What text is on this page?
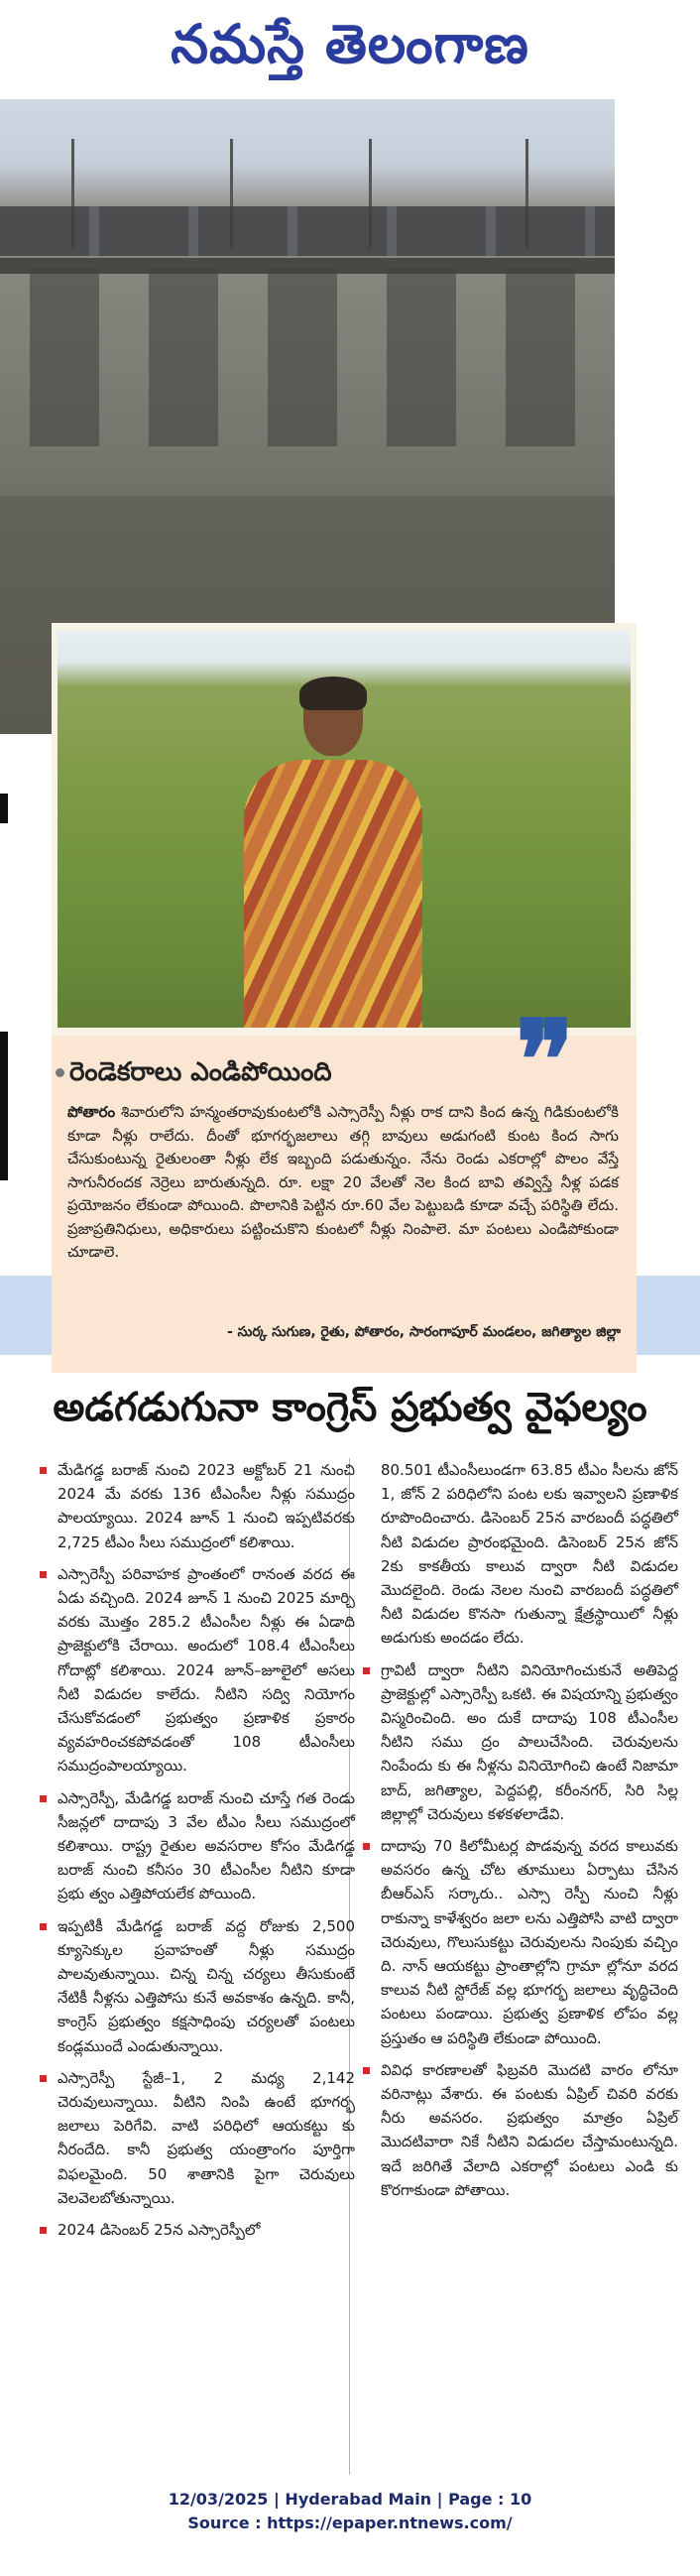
నమస్తే తెలంగాణ
❞
రెండెకరాలు ఎండిపోయింది
పోతారం శివారులోని హన్మంతరావుకుంటలోకి ఎస్సారెస్పీ నీళ్లు రాక దాని కింద ఉన్న గిడికుంటలోకి కూడా నీళ్లు రాలేదు. దీంతో భూగర్భజలాలు తగ్గి బావులు అడుగంటి కుంట కింద సాగు చేసుకుంటున్న రైతులంతా నీళ్లు లేక ఇబ్బంది పడుతున్నం. నేను రెండు ఎకరాల్లో పొలం వేస్తే సాగునీరందక నెర్రెలు బారుతున్నది. రూ. లక్షా 20 వేలతో నెల కింద బావి తవ్విస్తే నీళ్ల పడక ప్రయోజనం లేకుండా పోయింది. పొలానికి పెట్టిన రూ.60 వేల పెట్టుబడి కూడా వచ్చే పరిస్థితి లేదు. ప్రజాప్రతినిధులు, అధికారులు పట్టించుకొని కుంటలో నీళ్లు నింపాలె. మా పంటలు ఎండిపోకుండా చూడాలె.
- సుర్క సుగుణ, రైతు, పోతారం, సారంగాపూర్ మండలం, జగిత్యాల జిల్లా
అడగడుగునా కాంగ్రెస్ ప్రభుత్వ వైఫల్యం

మేడిగడ్డ బరాజ్ నుంచి 2023 అక్టోబర్ 21 నుంచి 2024 మే వరకు 136 టీఎంసీల నీళ్లు సముద్రం పాలయ్యాయి. 2024 జూన్ 1 నుంచి ఇప్పటివరకు 2,725 టీఎం సీలు సముద్రంలో కలిశాయి.

ఎస్సారెస్పీ పరివాహక ప్రాంతంలో రానంత వరద ఈ ఏడు వచ్చింది. 2024 జూన్ 1 నుంచి 2025 మార్చి వరకు మొత్తం 285.2 టీఎంసీల నీళ్లు ఈ ఏడాది ప్రాజెక్టులోకి చేరాయి. అందులో 108.4 టీఎంసీలు గోదాట్లో కలిశాయి. 2024 జూన్–జూలైలో అసలు నీటి విడుదల కాలేదు. నీటిని సద్వి నియోగం చేసుకోవడంలో ప్రభుత్వం ప్రణాళిక ప్రకారం వ్యవహరించకపోవడంతో 108 టీఎంసీలు సముద్రంపాలయ్యాయి.

ఎస్సారెస్పీ, మేడిగడ్డ బరాజ్ నుంచి చూస్తే గత రెండు సీజన్లలో దాదాపు 3 వేల టీఎం సీలు సముద్రంలో కలిశాయి. రాష్ట్ర రైతుల అవసరాల కోసం మేడిగడ్డ బరాజ్ నుంచి కనీసం 30 టీఎంసీల నీటిని కూడా ప్రభు త్వం ఎత్తిపోయలేక పోయింది.

ఇప్పటికీ మేడిగడ్డ బరాజ్ వద్ద రోజుకు 2,500 క్యూసెక్కుల ప్రవాహంతో నీళ్లు సముద్రం పాలవుతున్నాయి. చిన్న చిన్న చర్యలు తీసుకుంటే నేటికీ నీళ్లను ఎత్తిపోసు కునే అవకాశం ఉన్నది. కానీ, కాంగ్రెస్ ప్రభుత్వం కక్షసాధింపు చర్యలతో పంటలు కండ్లముందే ఎండుతున్నాయి.

ఎస్సారెస్పీ స్టేజీ–1, 2 మధ్య 2,142 చెరువులున్నాయి. వీటిని నింపి ఉంటే భూగర్భ జలాలు పెరిగేవి. వాటి పరిధిలో ఆయకట్టు కు నీరందేది. కానీ ప్రభుత్వ యంత్రాంగం పూర్తిగా విఫలమైంది. 50 శాతానికి పైగా చెరువులు వెలవెలబోతున్నాయి.

2024 డిసెంబర్ 25న ఎస్సారెస్పీలో

80.501 టీఎంసీలుండగా 63.85 టీఎం సీలను జోన్ 1, జోన్ 2 పరిధిలోని పంట లకు ఇవ్వాలని ప్రణాళిక రూపొందించారు. డిసెంబర్ 25న వారబందీ పద్ధతిలో నీటి విడుదల ప్రారంభమైంది. డిసెంబర్ 25న జోన్ 2కు కాకతీయ కాలువ ద్వారా నీటి విడుదల మొదలైంది. రెండు నెలల నుంచి వారబందీ పద్ధతిలో నీటి విడుదల కొనసా గుతున్నా క్షేత్రస్థాయిలో నీళ్లు అడుగుకు అందడం లేదు.

గ్రావిటీ ద్వారా నీటిని వినియోగించుకునే అతిపెద్ద ప్రాజెక్టుల్లో ఎస్సారెస్పీ ఒకటి. ఈ విషయాన్ని ప్రభుత్వం విస్మరించింది. అం దుకే దాదాపు 108 టీఎంసీల నీటిని సము ద్రం పాలుచేసింది. చెరువులను నింపేందు కు ఈ నీళ్లను వినియోగించి ఉంటే నిజామా బాద్, జగిత్యాల, పెద్దపల్లి, కరీంనగర్, సిరి సిల్ల జిల్లాల్లో చెరువులు కళకళలాడేవి.

దాదాపు 70 కిలోమీటర్ల పొడవున్న వరద కాలువకు అవసరం ఉన్న చోట తూములు ఏర్పాటు చేసిన బీఆర్ఎస్ సర్కారు.. ఎస్సా రెస్పీ నుంచి నీళ్లు రాకున్నా కాళేశ్వరం జలా లను ఎత్తిపోసి వాటి ద్వారా చెరువులు, గొలుసుకట్టు చెరువులను నింపుకు వచ్చిం ది. నాన్ ఆయకట్టు ప్రాంతాల్లోని గ్రామా ల్లోనూ వరద కాలువ నీటి స్టోరేజ్ వల్ల భూగర్భ జలాలు వృద్ధిచెంది పంటలు పండాయి. ప్రభుత్వ ప్రణాళిక లోపం వల్ల ప్రస్తుతం ఆ పరిస్థితి లేకుండా పోయింది.

వివిధ కారణాలతో ఫిబ్రవరి మొదటి వారం లోనూ వరినాట్లు వేశారు. ఈ పంటకు ఏప్రిల్ చివరి వరకు నీరు అవసరం. ప్రభుత్వం మాత్రం ఏప్రిల్ మొదటివారా నికే నీటిని విడుదల చేస్తామంటున్నది. ఇదే జరిగితే వేలాది ఎకరాల్లో పంటలు ఎండి కు కొరగాకుండా పోతాయి.

12/03/2025 | Hyderabad Main | Page : 10
Source : https://epaper.ntnews.com/
